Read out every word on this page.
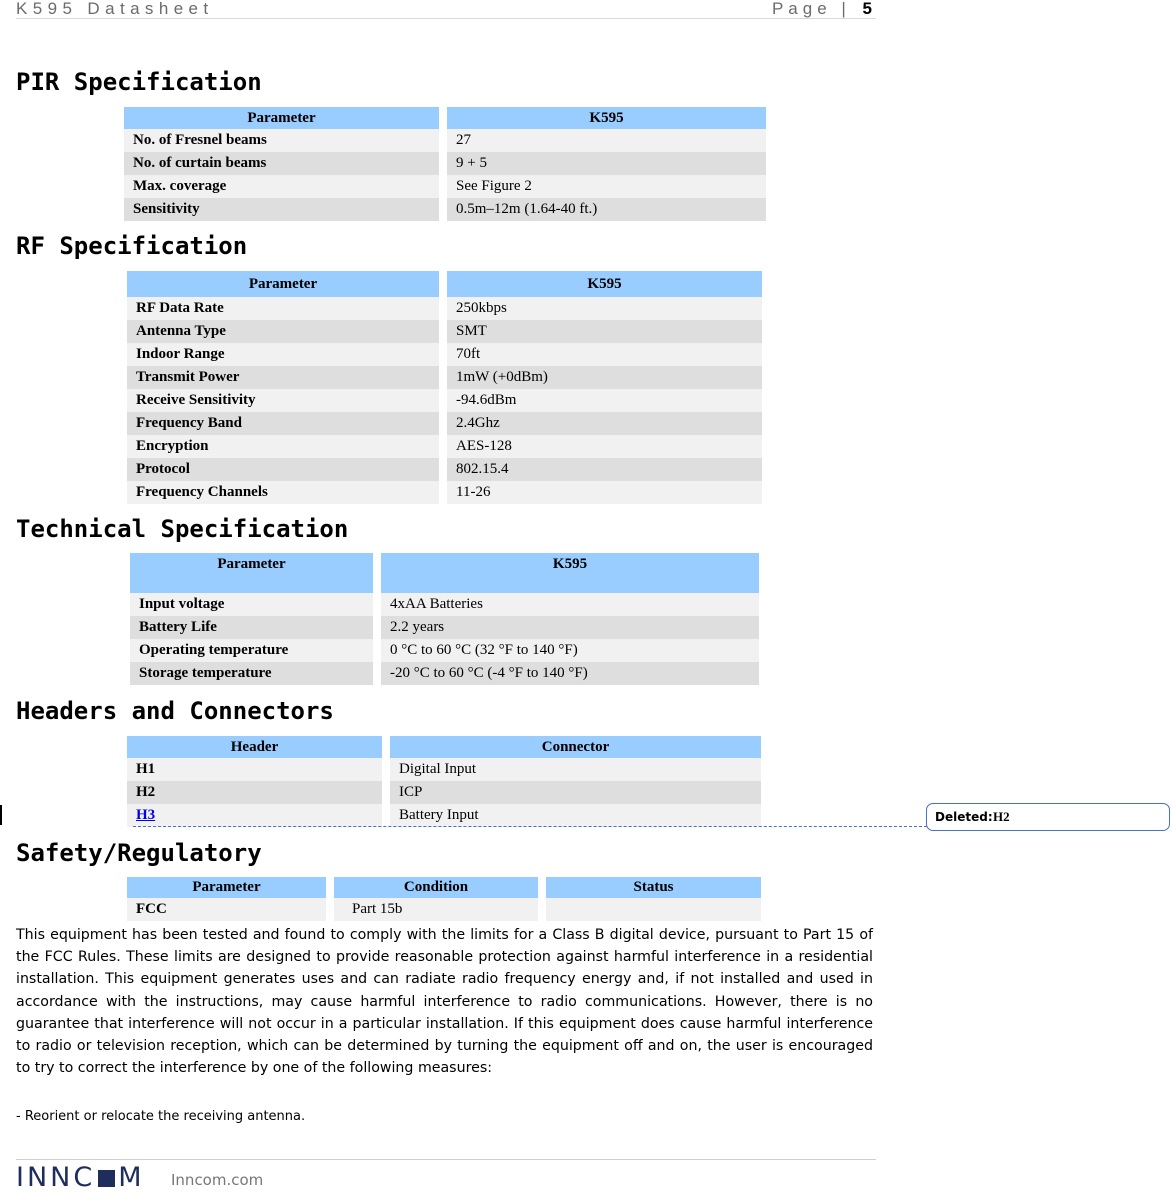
K595 Datasheet	Page | 5
PIR Specification
Parameter	K595
No. of Fresnel beams	27
No. of curtain beams	9 + 5
Max. coverage	See Figure 2
Sensitivity	0.5m–12m (1.64-40 ft.)
RF Specification
Parameter	K595
RF Data Rate	250kbps
Antenna Type	SMT
Indoor Range	70ft
Transmit Power	1mW (+0dBm)
Receive Sensitivity	-94.6dBm
Frequency Band	2.4Ghz
Encryption	AES-128
Protocol	802.15.4
Frequency Channels	11-26
Technical Specification
Parameter	K595
Input voltage	4xAA Batteries
Battery Life	2.2 years
Operating temperature	0 °C to 60 °C (32 °F to 140 °F)
Storage temperature	-20 °C to 60 °C (-4 °F to 140 °F)
Headers and Connectors
Header	Connector
H1	Digital Input
H2	ICP
H3	Battery Input	Deleted: H2
Safety/Regulatory
Parameter	Condition	Status
FCC	Part 15b	
This equipment has been tested and found to comply with the limits for a Class B digital device, pursuant to Part 15 of the FCC Rules. These limits are designed to provide reasonable protection against harmful interference in a residential installation. This equipment generates uses and can radiate radio frequency energy and, if not installed and used in accordance with the instructions, may cause harmful interference to radio communications. However, there is no guarantee that interference will not occur in a particular installation. If this equipment does cause harmful interference to radio or television reception, which can be determined by turning the equipment off and on, the user is encouraged to try to correct the interference by one of the following measures:
- Reorient or relocate the receiving antenna.
INNC M Inncom.com
